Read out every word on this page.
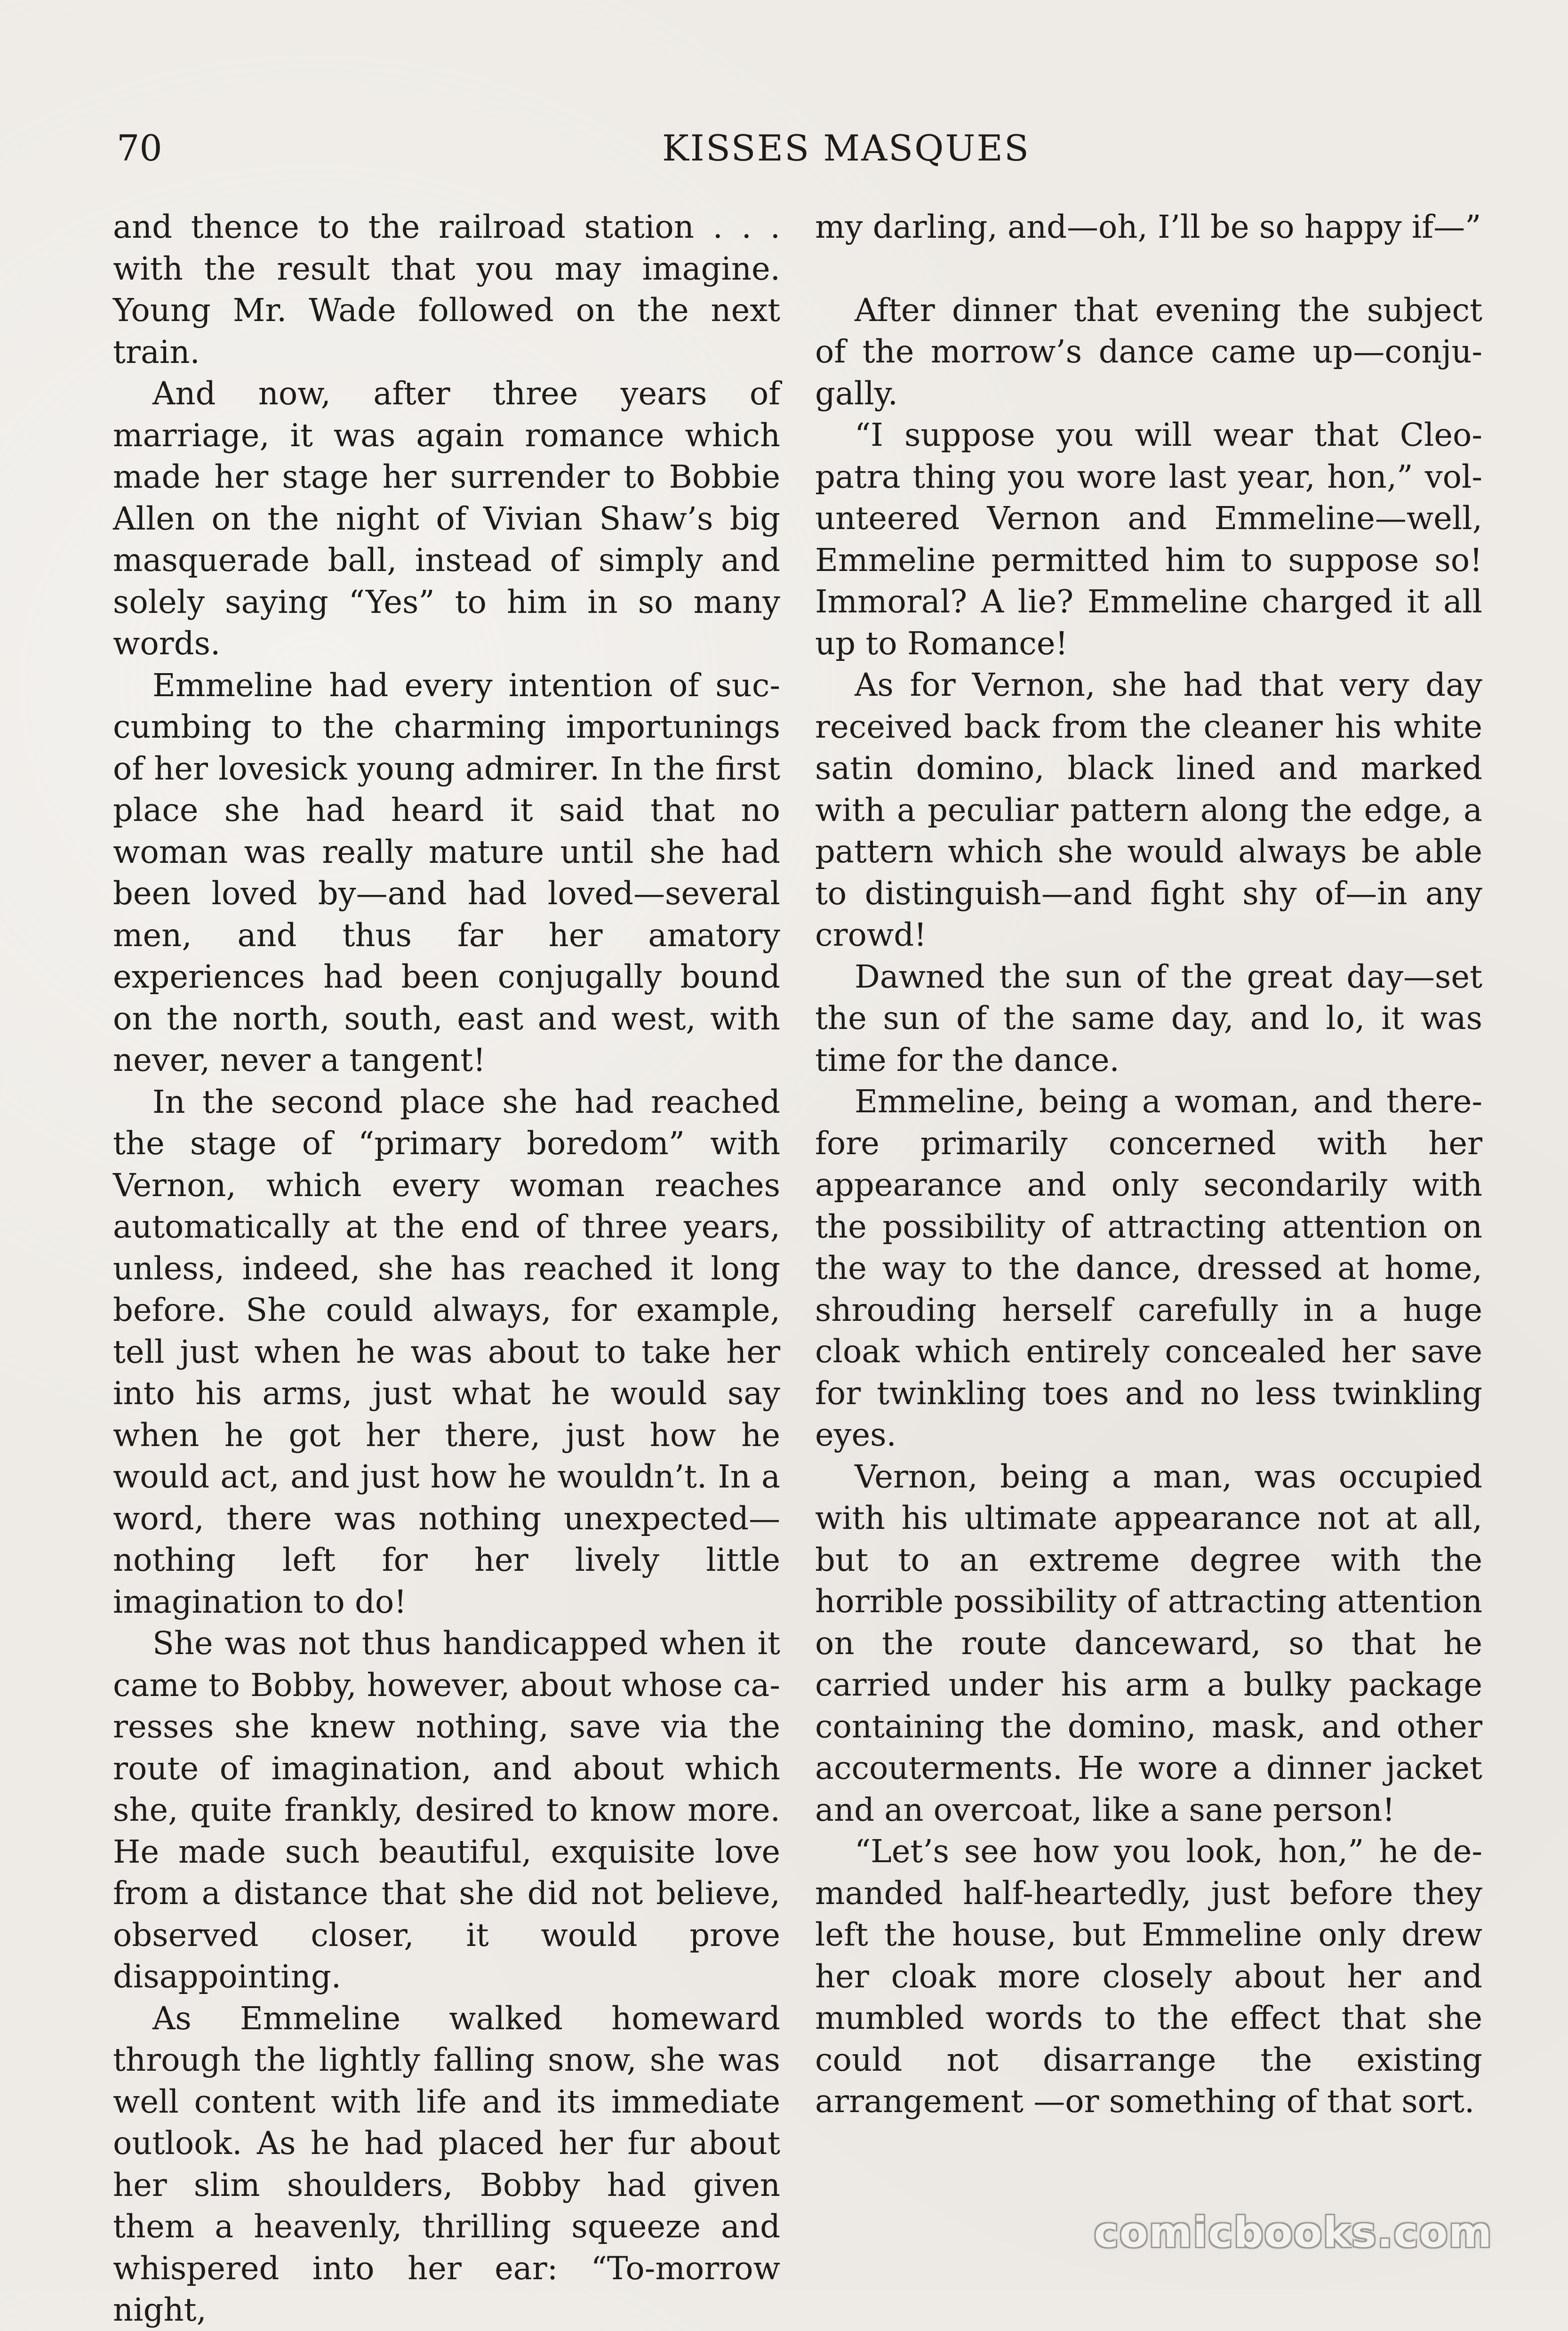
70	KISSES MASQUES

and thence to the railroad station . . . with the result that you may imagine. Young Mr. Wade followed on the next train.

And now, after three years of marriage, it was again romance which made her stage her surrender to Bobbie Allen on the night of Vivian Shaw’s big masquerade ball, instead of simply and solely saying “Yes” to him in so many words.

Emmeline had every intention of succumbing to the charming importunings of her lovesick young admirer. In the first place she had heard it said that no woman was really mature until she had been loved by—and had loved—several men, and thus far her amatory experiences had been conjugally bound on the north, south, east and west, with never, never a tangent!

In the second place she had reached the stage of “primary boredom” with Vernon, which every woman reaches automatically at the end of three years, unless, indeed, she has reached it long before. She could always, for example, tell just when he was about to take her into his arms, just what he would say when he got her there, just how he would act, and just how he wouldn’t. In a word, there was nothing unexpected—nothing left for her lively little imagination to do!

She was not thus handicapped when it came to Bobby, however, about whose caresses she knew nothing, save via the route of imagination, and about which she, quite frankly, desired to know more. He made such beautiful, exquisite love from a distance that she did not believe, observed closer, it would prove disappointing.

As Emmeline walked homeward through the lightly falling snow, she was well content with life and its immediate outlook. As he had placed her fur about her slim shoulders, Bobby had given them a heavenly, thrilling squeeze and whispered into her ear: “To-morrow night,

my darling, and—oh, I’ll be so happy if—”

After dinner that evening the subject of the morrow’s dance came up—conjugally.

“I suppose you will wear that Cleopatra thing you wore last year, hon,” volunteered Vernon and Emmeline—well, Emmeline permitted him to suppose so! Immoral? A lie? Emmeline charged it all up to Romance!

As for Vernon, she had that very day received back from the cleaner his white satin domino, black lined and marked with a peculiar pattern along the edge, a pattern which she would always be able to distinguish—and fight shy of—in any crowd!

Dawned the sun of the great day—set the sun of the same day, and lo, it was time for the dance.

Emmeline, being a woman, and therefore primarily concerned with her appearance and only secondarily with the possibility of attracting attention on the way to the dance, dressed at home, shrouding herself carefully in a huge cloak which entirely concealed her save for twinkling toes and no less twinkling eyes.

Vernon, being a man, was occupied with his ultimate appearance not at all, but to an extreme degree with the horrible possibility of attracting attention on the route danceward, so that he carried under his arm a bulky package containing the domino, mask, and other accouterments. He wore a dinner jacket and an overcoat, like a sane person!

“Let’s see how you look, hon,” he demanded half-heartedly, just before they left the house, but Emmeline only drew her cloak more closely about her and mumbled words to the effect that she could not disarrange the existing arrangement —or something of that sort.

comicbooks.com
